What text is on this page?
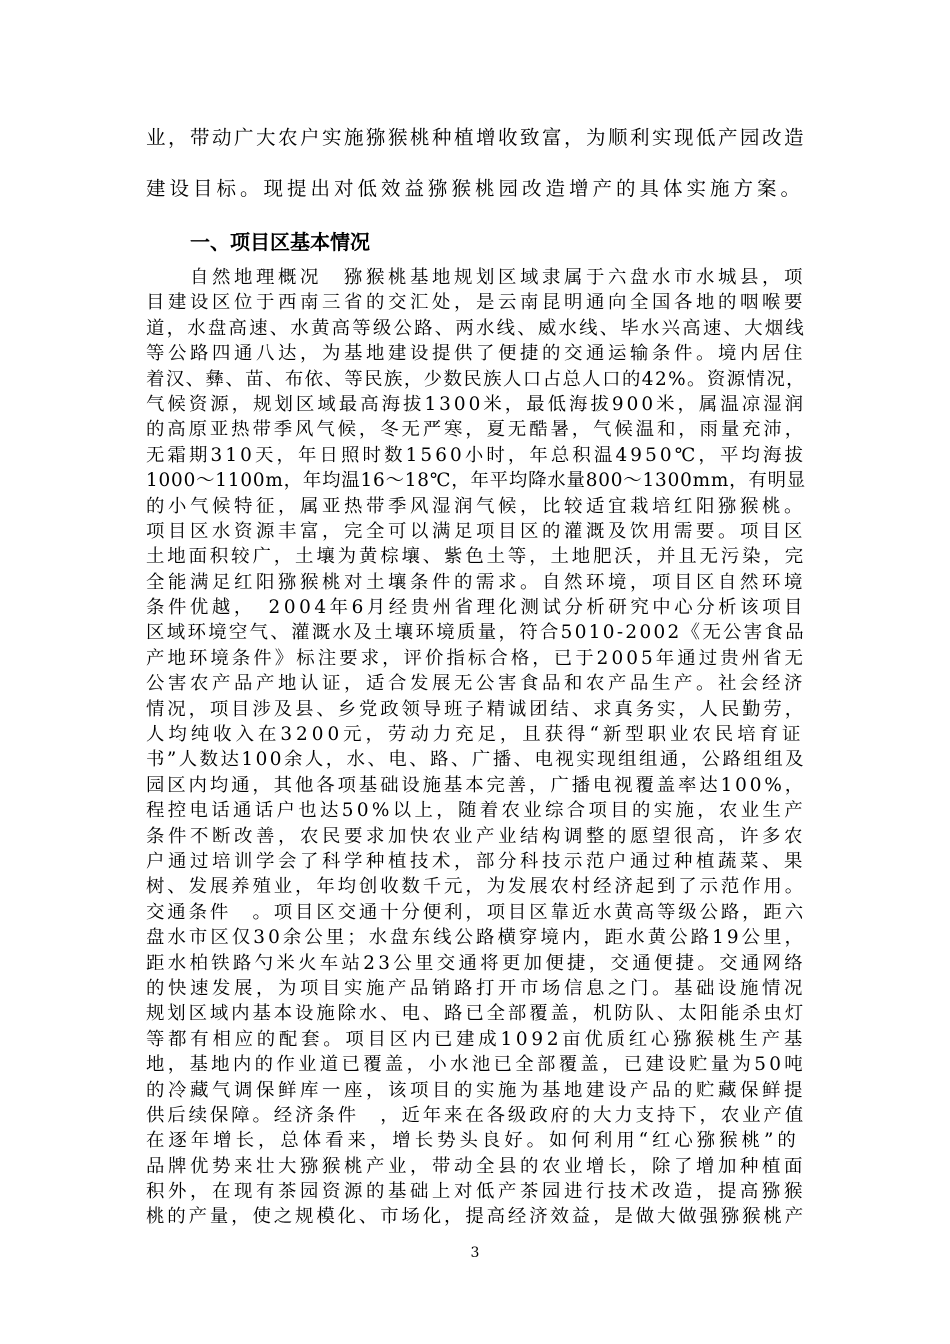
业，带动广大农户实施猕猴桃种植增收致富，为顺利实现低产园改造

建设目标。现提出对低效益猕猴桃园改造增产的具体实施方案。

一、项目区基本情况
自然地理概况　猕猴桃基地规划区域隶属于六盘水市水城县，项
目建设区位于西南三省的交汇处，是云南昆明通向全国各地的咽喉要
道，水盘高速、水黄高等级公路、两水线、威水线、毕水兴高速、大烟线
等公路四通八达，为基地建设提供了便捷的交通运输条件。境内居住
着汉、彝、苗、布依、等民族，少数民族人口占总人口的42%。资源情况，
气候资源，规划区域最高海拔1300米，最低海拔900米，属温凉湿润
的高原亚热带季风气候，冬无严寒，夏无酷暑，气候温和，雨量充沛，
无霜期310天，年日照时数1560小时，年总积温4950℃，平均海拔
1000～1100m，年均温16～18℃，年平均降水量800～1300mm，有明显
的小气候特征，属亚热带季风湿润气候，比较适宜栽培红阳猕猴桃。
项目区水资源丰富，完全可以满足项目区的灌溉及饮用需要。项目区
土地面积较广，土壤为黄棕壤、紫色土等，土地肥沃，并且无污染，完
全能满足红阳猕猴桃对土壤条件的需求。自然环境，项目区自然环境
条件优越，　2004年6月经贵州省理化测试分析研究中心分析该项目
区域环境空气、灌溉水及土壤环境质量，符合5010-2002《无公害食品
产地环境条件》标注要求，评价指标合格，已于2005年通过贵州省无
公害农产品产地认证，适合发展无公害食品和农产品生产。社会经济
情况，项目涉及县、乡党政领导班子精诚团结、求真务实，人民勤劳，
人均纯收入在3200元，劳动力充足，且获得“新型职业农民培育证
书”人数达100余人，水、电、路、广播、电视实现组组通，公路组组及
园区内均通，其他各项基础设施基本完善，广播电视覆盖率达100%，
程控电话通话户也达50%以上，随着农业综合项目的实施，农业生产
条件不断改善，农民要求加快农业产业结构调整的愿望很高，许多农
户通过培训学会了科学种植技术，部分科技示范户通过种植蔬菜、果
树、发展养殖业，年均创收数千元，为发展农村经济起到了示范作用。
交通条件　。项目区交通十分便利，项目区靠近水黄高等级公路，距六
盘水市区仅30余公里；水盘东线公路横穿境内，距水黄公路19公里，
距水柏铁路勺米火车站23公里交通将更加便捷，交通便捷。交通网络
的快速发展，为项目实施产品销路打开市场信息之门。基础设施情况
规划区域内基本设施除水、电、路已全部覆盖，机防队、太阳能杀虫灯
等都有相应的配套。项目区内已建成1092亩优质红心猕猴桃生产基
地，基地内的作业道已覆盖，小水池已全部覆盖，已建设贮量为50吨
的冷藏气调保鲜库一座，该项目的实施为基地建设产品的贮藏保鲜提
供后续保障。经济条件　，近年来在各级政府的大力支持下，农业产值
在逐年增长，总体看来，增长势头良好。如何利用“红心猕猴桃”的
品牌优势来壮大猕猴桃产业，带动全县的农业增长，除了增加种植面
积外，在现有茶园资源的基础上对低产茶园进行技术改造，提高猕猴
桃的产量，使之规模化、市场化，提高经济效益，是做大做强猕猴桃产

3
